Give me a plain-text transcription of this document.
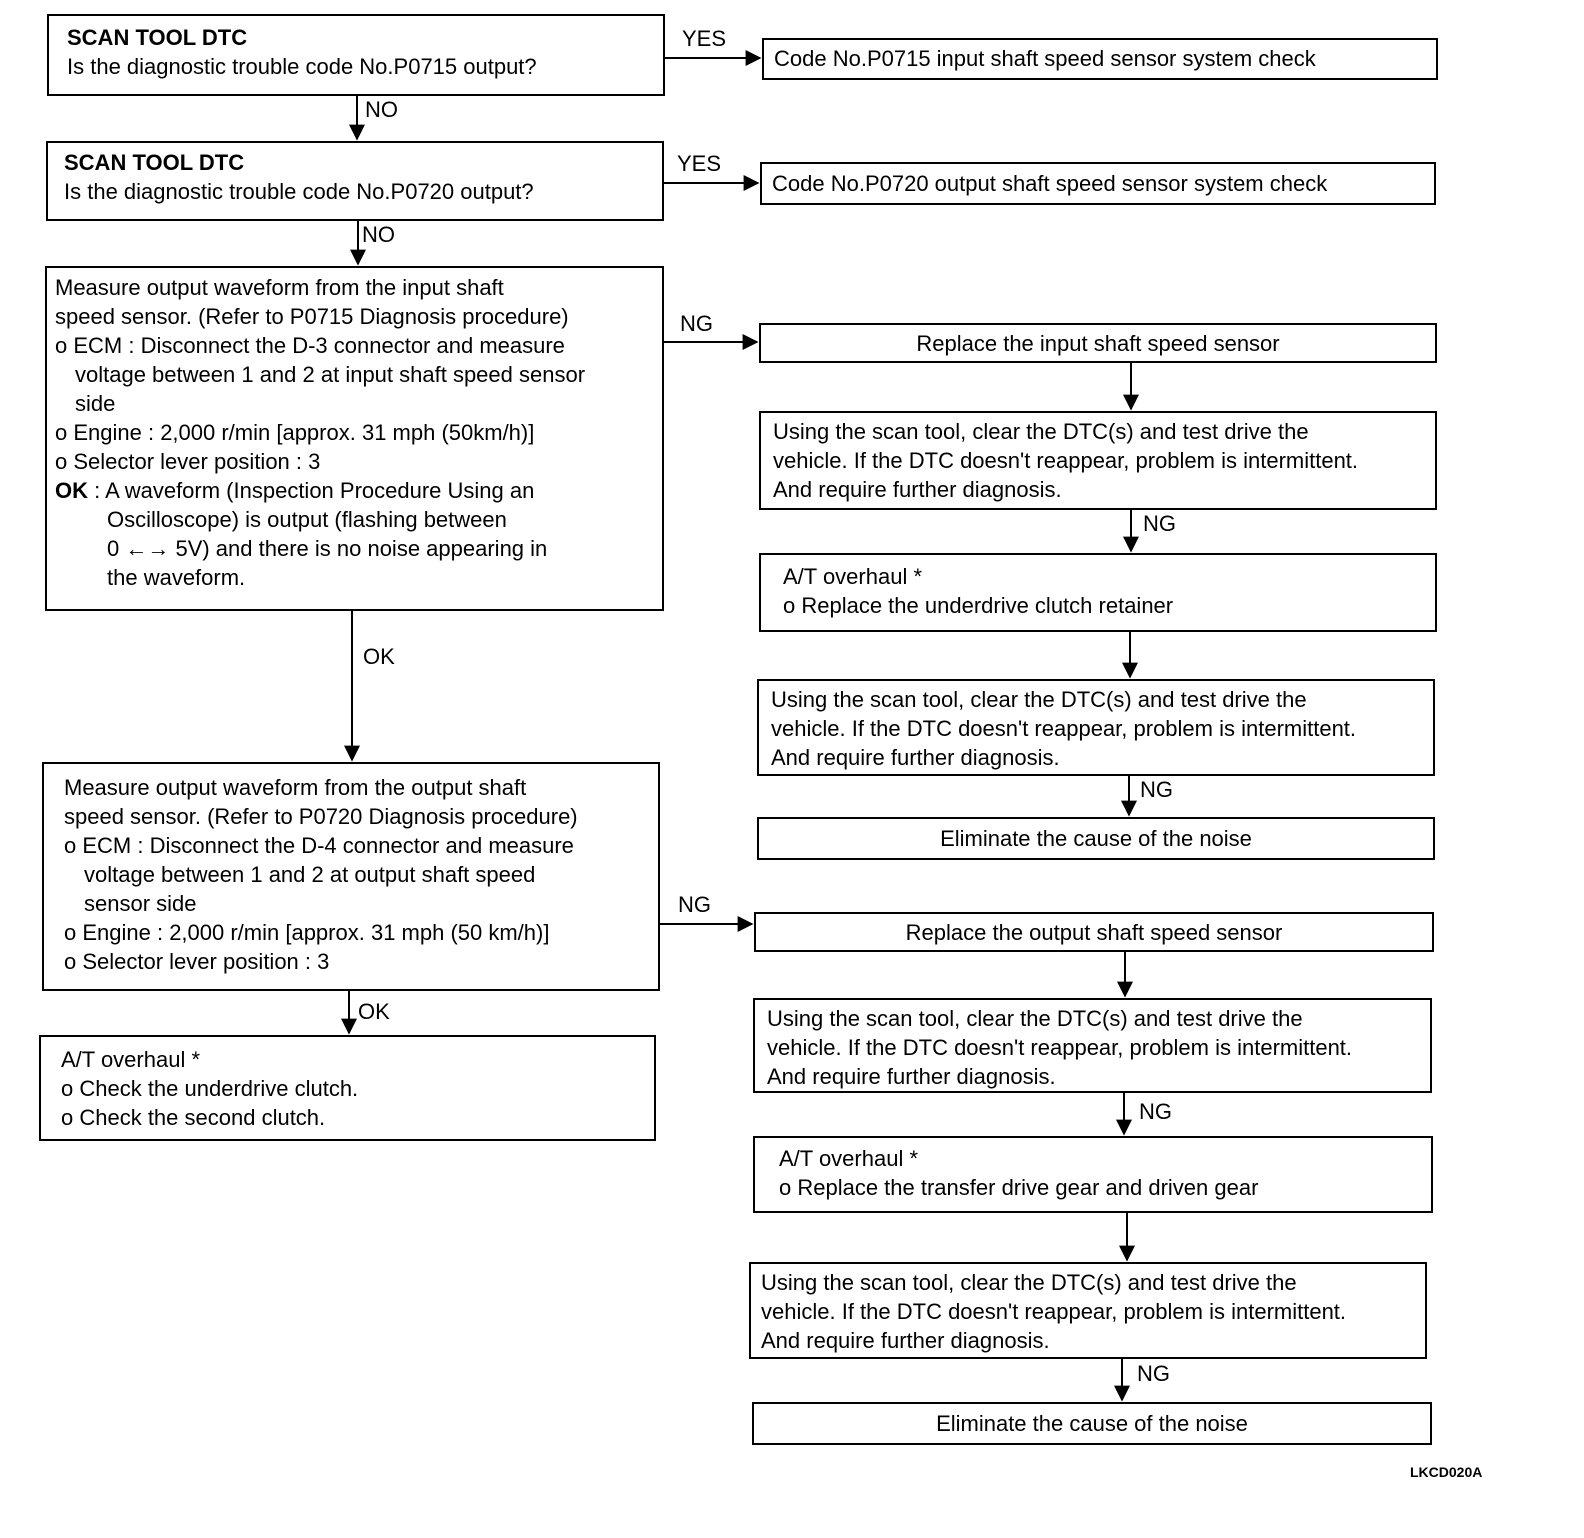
SCAN TOOL DTC
Is the diagnostic trouble code No.P0715 output?
YES
NO
Code No.P0715 input shaft speed sensor system check
SCAN TOOL DTC
Is the diagnostic trouble code No.P0720 output?
YES
NO
Code No.P0720 output shaft speed sensor system check
Measure output waveform from the input shaft
speed sensor. (Refer to P0715 Diagnosis procedure)
o ECM : Disconnect the D-3 connector and measure
voltage between 1 and 2 at input shaft speed sensor
side
o Engine : 2,000 r/min [approx. 31 mph (50km/h)]
o Selector lever position : 3
OK : A waveform (Inspection Procedure Using an
Oscilloscope) is output (flashing between
0 ←→ 5V) and there is no noise appearing in
the waveform.
NG
OK
Measure output waveform from the output shaft
speed sensor. (Refer to P0720 Diagnosis procedure)
o ECM : Disconnect the D-4 connector and measure
voltage between 1 and 2 at output shaft speed
sensor side
o Engine : 2,000 r/min [approx. 31 mph (50 km/h)]
o Selector lever position : 3
NG
OK
A/T overhaul *
o Check the underdrive clutch.
o Check the second clutch.
Replace the input shaft speed sensor
Using the scan tool, clear the DTC(s) and test drive the
vehicle. If the DTC doesn't reappear, problem is intermittent.
And require further diagnosis.
NG
A/T overhaul *
o Replace the underdrive clutch retainer
Using the scan tool, clear the DTC(s) and test drive the
vehicle. If the DTC doesn't reappear, problem is intermittent.
And require further diagnosis.
NG
Eliminate the cause of the noise
Replace the output shaft speed sensor
Using the scan tool, clear the DTC(s) and test drive the
vehicle. If the DTC doesn't reappear, problem is intermittent.
And require further diagnosis.
NG
A/T overhaul *
o Replace the transfer drive gear and driven gear
Using the scan tool, clear the DTC(s) and test drive the
vehicle. If the DTC doesn't reappear, problem is intermittent.
And require further diagnosis.
NG
Eliminate the cause of the noise
LKCD020A
